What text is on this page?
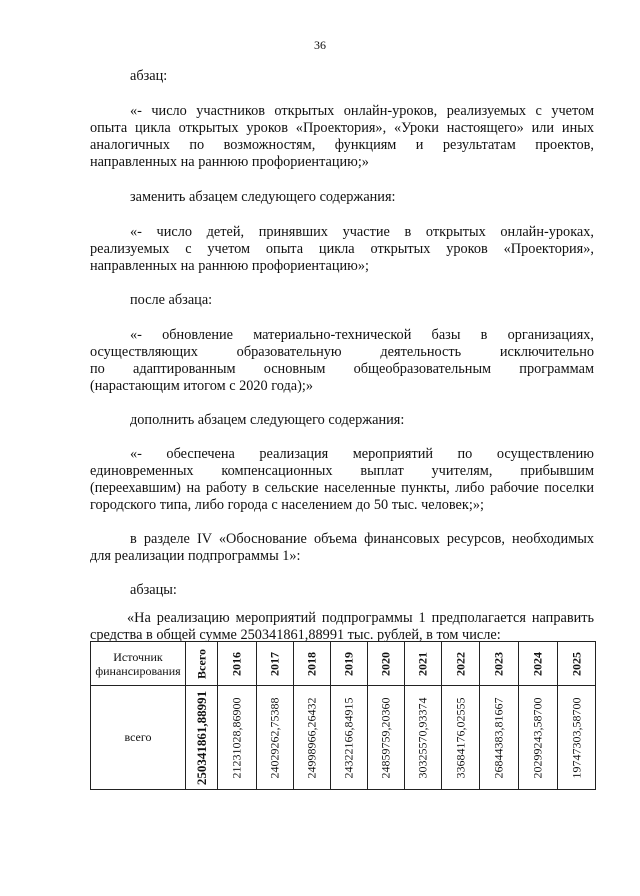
36
абзац:
«- число участников открытых онлайн-уроков, реализуемых с учетом
опыта цикла открытых уроков «Проектория», «Уроки настоящего» или иных
аналогичных по возможностям, функциям и результатам проектов,
направленных на раннюю профориентацию;»
заменить абзацем следующего содержания:
«- число детей, принявших участие в открытых онлайн-уроках,
реализуемых с учетом опыта цикла открытых уроков «Проектория»,
направленных на раннюю профориентацию»;
после абзаца:
«- обновление материально-технической базы в организациях,
осуществляющих образовательную деятельность исключительно
по адаптированным основным общеобразовательным программам
(нарастающим итогом с 2020 года);»
дополнить абзацем следующего содержания:
«- обеспечена реализация мероприятий по осуществлению
единовременных компенсационных выплат учителям, прибывшим
(переехавшим) на работу в сельские населенные пункты, либо рабочие поселки
городского типа, либо города с населением до 50 тыс. человек;»;
в разделе IV «Обоснование объема финансовых ресурсов, необходимых
для реализации подпрограммы 1»:
абзацы:
«На реализацию мероприятий подпрограммы 1 предполагается направить
средства в общей сумме 250341861,88991 тыс. рублей, в том числе:
Источник финансирования	Всего	2016	2017	2018	2019	2020	2021	2022	2023	2024	2025

всего	250341861,88991	21231028,86900	24029262,75388	24998966,26432	24322166,84915	24859759,20360	30325570,93374	33684176,02555	26844383,81667	20299243,58700	19747303,58700
